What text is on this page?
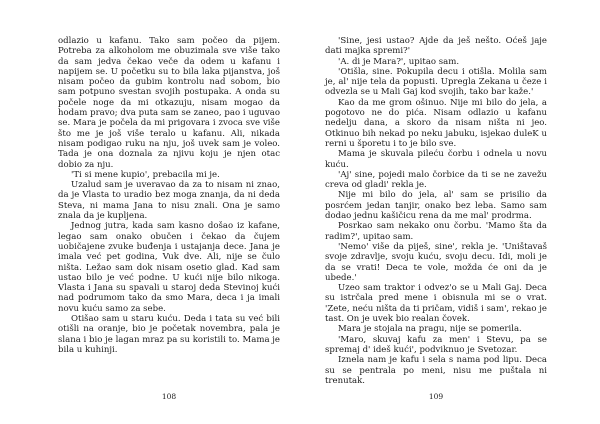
odlazio u kafanu. Tako sam počeo da pijem. Potreba za alkoholom me obuzimala sve više tako da sam jedva čekao veče da odem u kafanu i napijem se. U početku su to bila laka pijanstva, još nisam počeo da gubim kontrolu nad sobom, bio sam potpuno svestan svojih postupaka. A onda su počele noge da mi otkazuju, nisam mogao da hodam pravo; dva puta sam se zaneo, pao i uguvao se. Mara je počela da mi prigovara i zvoca sve više što me je još više teralo u kafanu. Ali, nikada nisam podigao ruku na nju, još uvek sam je voleo. Tada je ona doznala za njivu koju je njen otac dobio za nju.

'Ti si mene kupio', prebacila mi je.

Uzalud sam je uveravao da za to nisam ni znao, da je Vlasta to uradio bez moga znanja, da ni deda Steva, ni mama Jana to nisu znali. Ona je samo znala da je kupljena.

Jednog jutra, kada sam kasno došao iz kafane, legao sam onako obučen i čekao da čujem uobičajene zvuke buđenja i ustajanja dece. Jana je imala već pet godina, Vuk dve. Ali, nije se čulo ništa. Ležao sam dok nisam osetio glad. Kad sam ustao bilo je već podne. U kući nije bilo nikoga. Vlasta i Jana su spavali u staroj deda Stevinoj kući nad podrumom tako da smo Mara, deca i ja imali novu kuću samo za sebe.

Otišao sam u staru kuću. Deda i tata su već bili otišli na oranje, bio je početak novembra, pala je slana i bio je lagan mraz pa su koristili to. Mama je bila u kuhinji.

108

'Sine, jesi ustao? Ajde da ješ nešto. Oćeš jaje dati majka spremi?'

'A. di je Mara?', upitao sam.

'Otišla, sine. Pokupila decu i otišla. Molila sam je, al' nije tela da popusti. Upregla Zekana u čeze i odvezla se u Mali Gaj kod svojih, tako bar kaže.'

Kao da me grom ošinuo. Nije mi bilo do jela, a pogotovo ne do pića. Nisam odlazio u kafanu nedelju dana, a skoro da nisam ništa ni jeo. Otkinuo bih nekad po neku jabuku, isjekao duleK u rerni u šporetu i to je bilo sve.

Mama je skuvala pileću čorbu i odnela u novu kuću.

'Aj' sine, pojedi malo čorbice da ti se ne zavežu creva od gladi' rekla je.

Nije mi bilo do jela, al' sam se prisilio da posrćem jedan tanjir, onako bez leba. Samo sam dodao jednu kašičicu rena da me mal' prodrma.

Posrkao sam nekako onu čorbu. 'Mamo šta da radim?', upitao sam.

'Nemo' više da piješ, sine', rekla je. 'Uništavaš svoje zdravlje, svoju kuću, svoju decu. Idi, moli je da se vrati! Deca te vole, možda će oni da je ubede.'

Uzeo sam traktor i odvez'o se u Mali Gaj. Deca su istrčala pred mene i obisnula mi se o vrat. 'Zete, neću ništa da ti pričam, vidiš i sam', rekao je tast. On je uvek bio realan čovek.

Mara je stojala na pragu, nije se pomerila.

'Maro, skuvaj kafu za men' i Stevu, pa se spremaj d' ideš kući', podviknuo je Svetozar.

Iznela nam je kafu i sela s nama pod lipu. Deca su se pentrala po meni, nisu me puštala ni trenutak.

109
